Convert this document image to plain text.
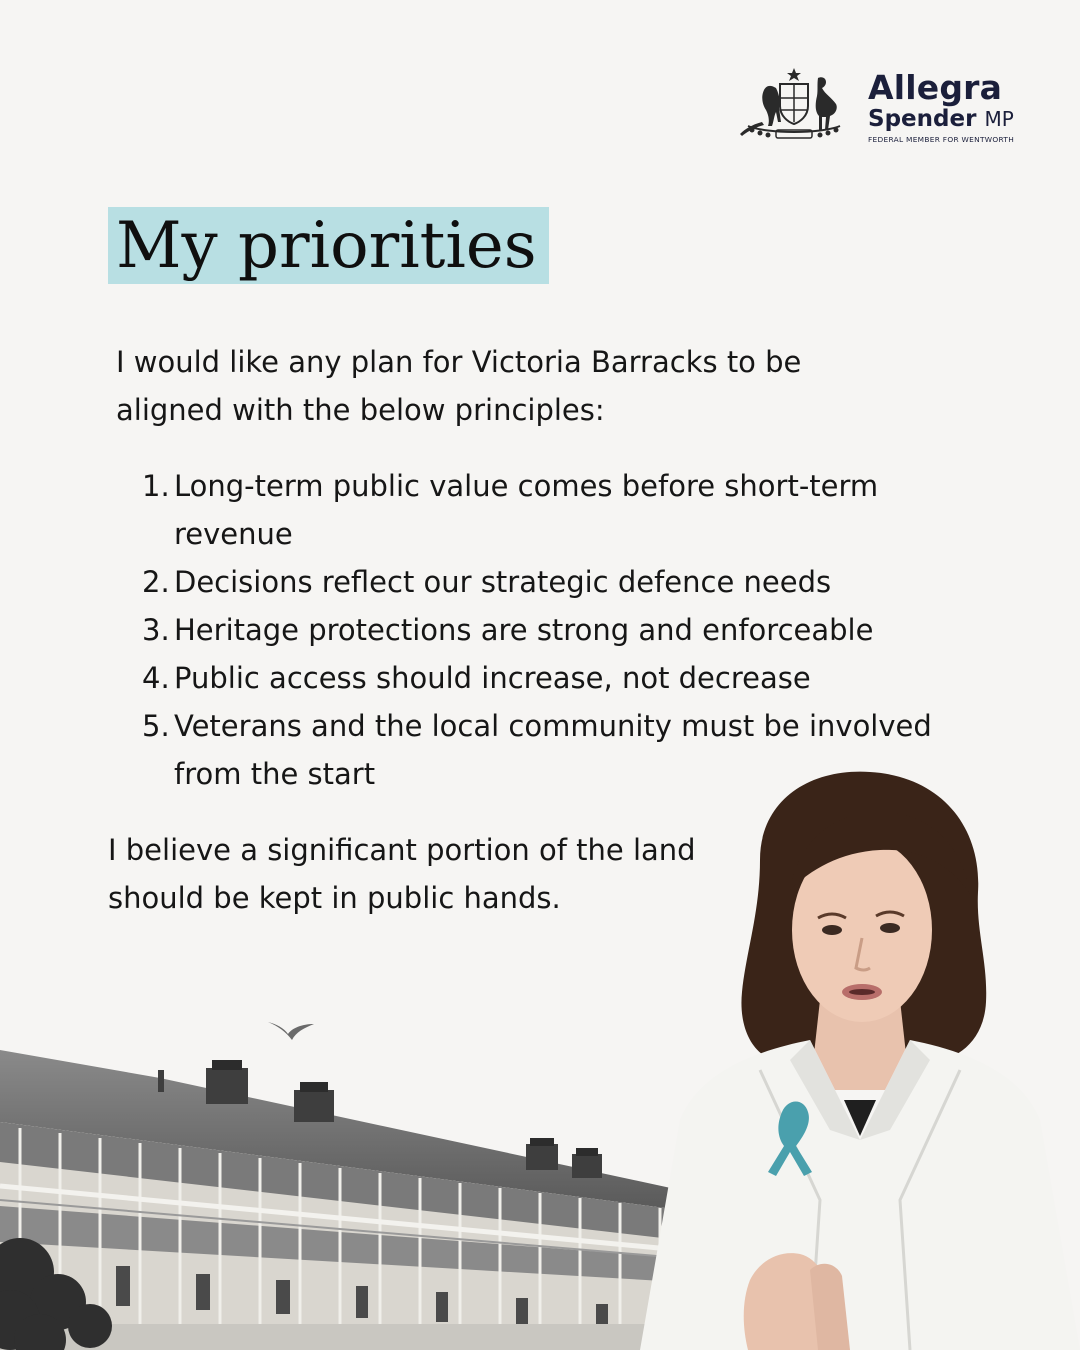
Allegra
Spender MP
FEDERAL MEMBER FOR WENTWORTH
My priorities
I would like any plan for Victoria Barracks to be aligned with the below principles:
1. Long-term public value comes before short-term revenue
2. Decisions reflect our strategic defence needs
3. Heritage protections are strong and enforceable
4. Public access should increase, not decrease
5. Veterans and the local community must be involved from the start
I believe a significant portion of the land should be kept in public hands.
